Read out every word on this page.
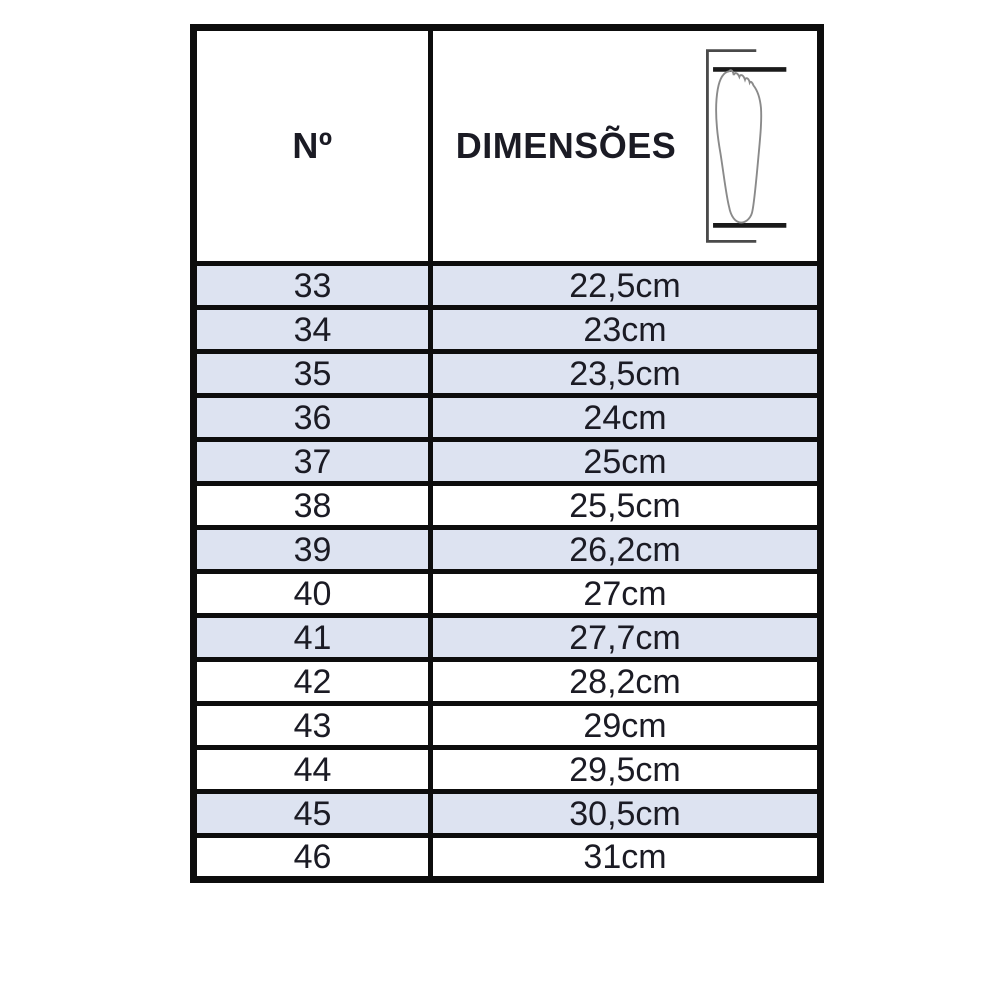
Nº	DIMENSÕES

33	22,5cm
34	23cm
35	23,5cm
36	24cm
37	25cm
38	25,5cm
39	26,2cm
40	27cm
41	27,7cm
42	28,2cm
43	29cm
44	29,5cm
45	30,5cm
46	31cm
